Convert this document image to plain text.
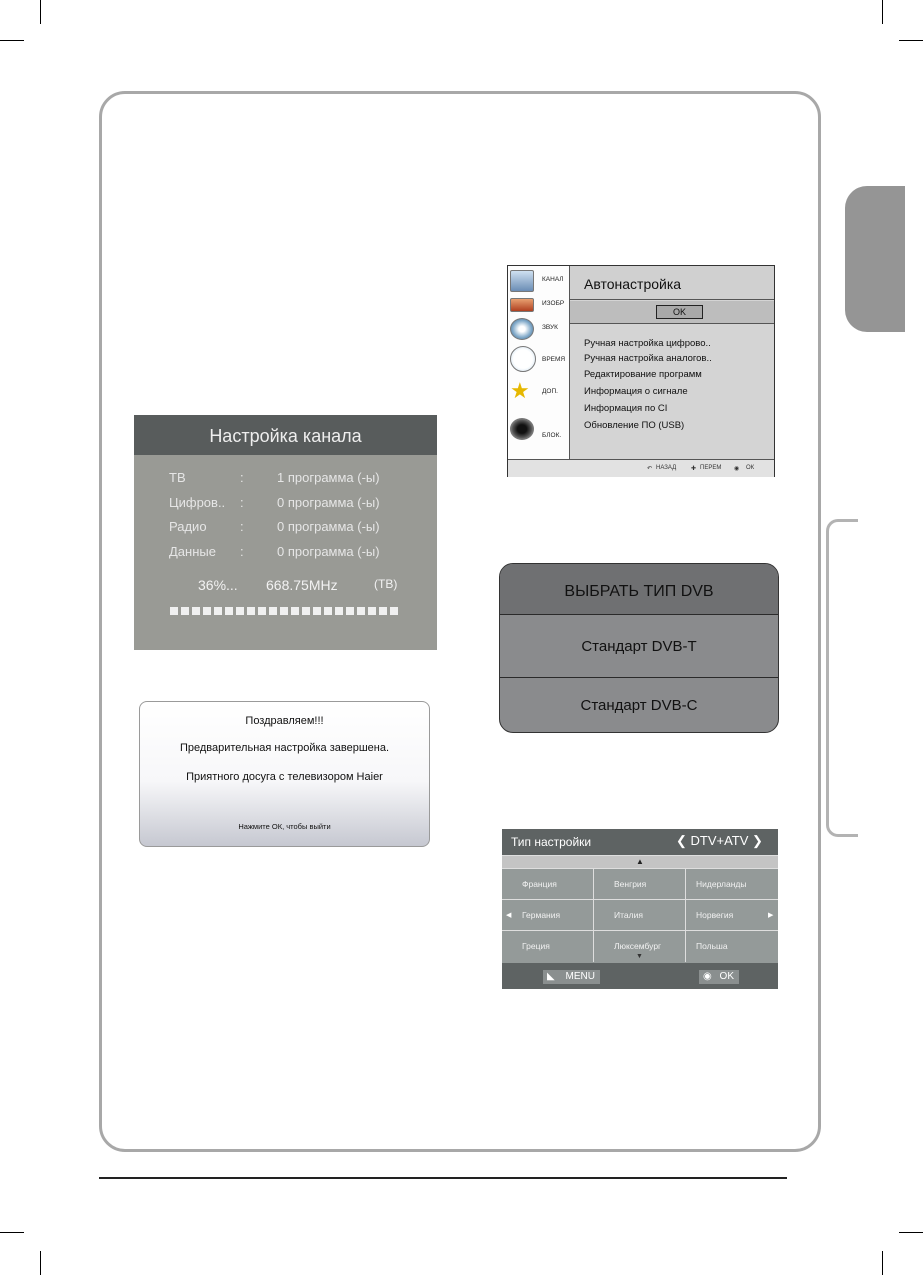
Настройка канала
ТВ	:	1 программа (-ы)
Цифров.. :	0 программа (-ы)
Радио	:	0 программа (-ы)
Данные :	0 программа (-ы)
36%... 668.75MHz	(ТВ)
Поздравляем!!!
Предварительная настройка завершена.
Приятного досуга с телевизором Haier
Нажмите ОК, чтобы выйти
КАНАЛ
ИЗОБР
ЗВУК
ВРЕМЯ
★	ДОП.
БЛОК.
Автонастройка
OK
Ручная настройка цифрово..
Ручная настройка аналогов..
Редактирование программ
Информация о сигнале
Информация по CI
Обновление ПО (USB)
↶ НАЗАД ✚ ПЕРЕМ ◉ ОК
ВЫБРАТЬ ТИП DVB
Стандарт DVB-T
Стандарт DVB-C
Тип настройки	❮ DTV+ATV ❯
▲
Франция	Венгрия	Нидерланды
Германия	Италия	Норвегия
Греция	Люксембург	Польша
◀	▶
▼
◣ MENU	◉ OK
